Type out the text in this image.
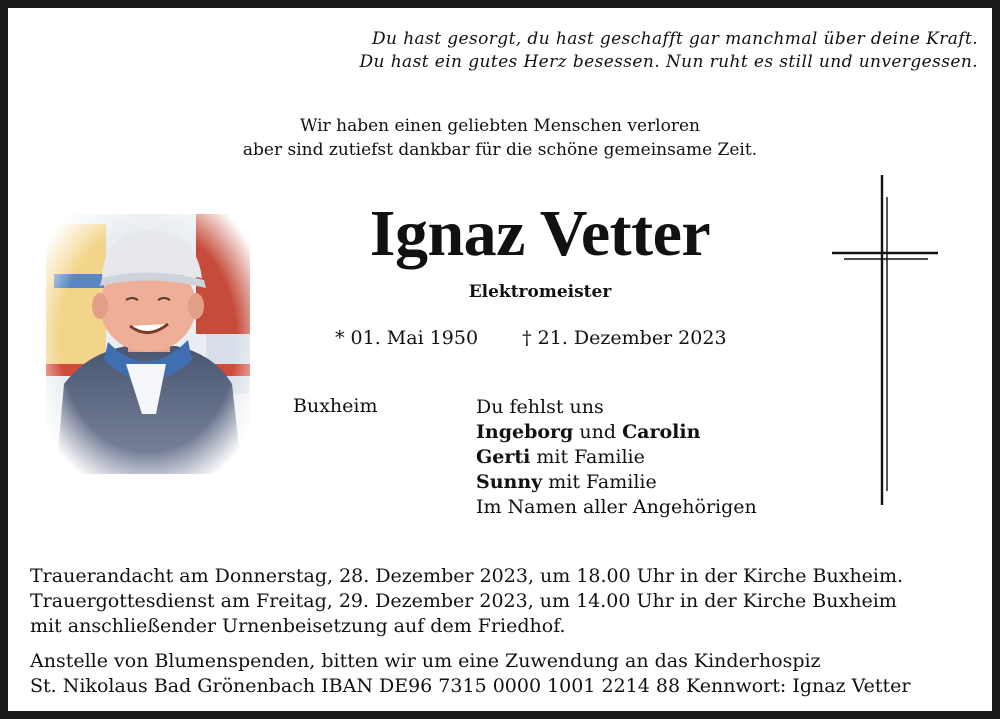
Du hast gesorgt, du hast geschafft gar manchmal über deine Kraft.
Du hast ein gutes Herz besessen. Nun ruht es still und unvergessen.
Wir haben einen geliebten Menschen verloren
aber sind zutiefst dankbar für die schöne gemeinsame Zeit.
Ignaz Vetter
Elektromeister
* 01. Mai 1950 † 21. Dezember 2023
Buxheim	Du fehlst uns
Ingeborg und Carolin
Gerti mit Familie
Sunny mit Familie
Im Namen aller Angehörigen

Trauerandacht am Donnerstag, 28. Dezember 2023, um 18.00 Uhr in der Kirche Buxheim.

Trauergottesdienst am Freitag, 29. Dezember 2023, um 14.00 Uhr in der Kirche Buxheim

mit anschließender Urnenbeisetzung auf dem Friedhof.

Anstelle von Blumenspenden, bitten wir um eine Zuwendung an das Kinderhospiz

St. Nikolaus Bad Grönenbach IBAN DE96 7315 0000 1001 2214 88 Kennwort: Ignaz Vetter
